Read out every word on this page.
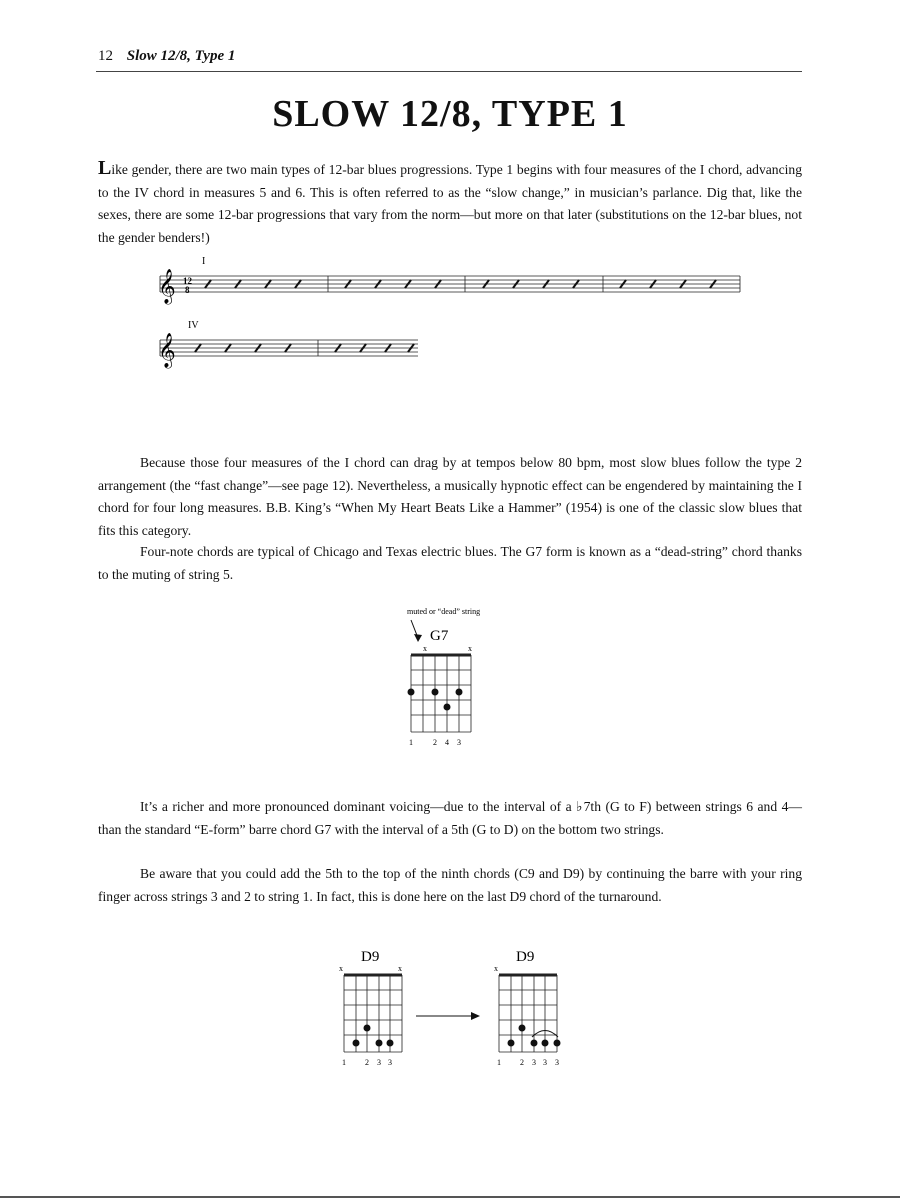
12 Slow 12/8, Type 1
SLOW 12/8, TYPE 1
Like gender, there are two main types of 12-bar blues progressions. Type 1 begins with four measures of the I chord, advancing to the IV chord in measures 5 and 6. This is often referred to as the “slow change,” in musician’s parlance. Dig that, like the sexes, there are some 12-bar progressions that vary from the norm—but more on that later (substitutions on the 12-bar blues, not the gender benders!)
I
𝄞 12
8
IV
𝄞
Because those four measures of the I chord can drag by at tempos below 80 bpm, most slow blues follow the type 2 arrangement (the “fast change”—see page 12). Nevertheless, a musically hypnotic effect can be engendered by maintaining the I chord for four long measures. B.B. King’s “When My Heart Beats Like a Hammer” (1954) is one of the classic slow blues that fits this category.
Four-note chords are typical of Chicago and Texas electric blues. The G7 form is known as a “dead-string” chord thanks to the muting of string 5.
muted or “dead” string
G7
x	x
1	2 4 3
It’s a richer and more pronounced dominant voicing—due to the interval of a ♭7th (G to F) between strings 6 and 4—than the standard “E-form” barre chord G7 with the interval of a 5th (G to D) on the bottom two strings.
Be aware that you could add the 5th to the top of the ninth chords (C9 and D9) by continuing the barre with your ring finger across strings 3 and 2 to string 1. In fact, this is done here on the last D9 chord of the turnaround.
D9
x	x
1 2 3 3
D9
x
1 2 3 3 3
